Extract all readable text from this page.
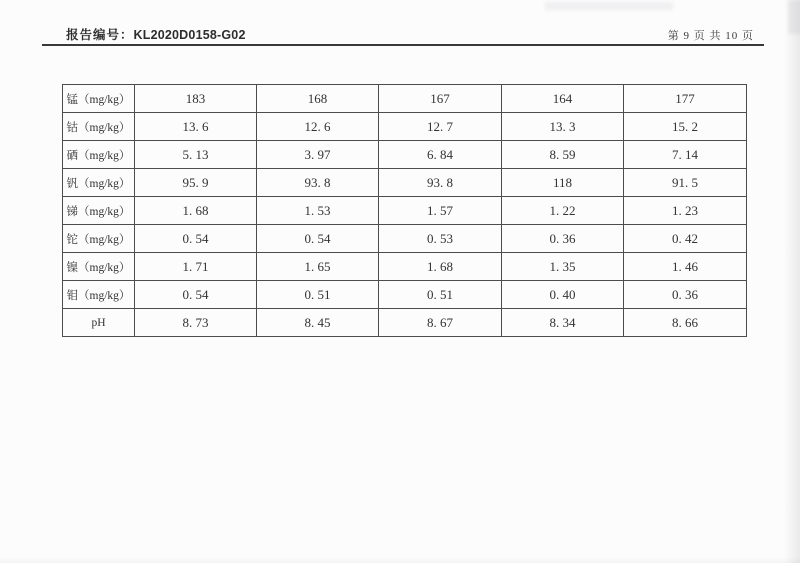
报告编号：KL2020D0158-G02	第 9 页 共 10 页
锰（mg/kg）	183	168	167	164	177
钴（mg/kg）	13. 6	12. 6	12. 7	13. 3	15. 2
硒（mg/kg）	5. 13	3. 97	6. 84	8. 59	7. 14
钒（mg/kg）	95. 9	93. 8	93. 8	118	91. 5
锑（mg/kg）	1. 68	1. 53	1. 57	1. 22	1. 23
铊（mg/kg）	0. 54	0. 54	0. 53	0. 36	0. 42
镍（mg/kg）	1. 71	1. 65	1. 68	1. 35	1. 46
钼（mg/kg）	0. 54	0. 51	0. 51	0. 40	0. 36
pH	8. 73	8. 45	8. 67	8. 34	8. 66
